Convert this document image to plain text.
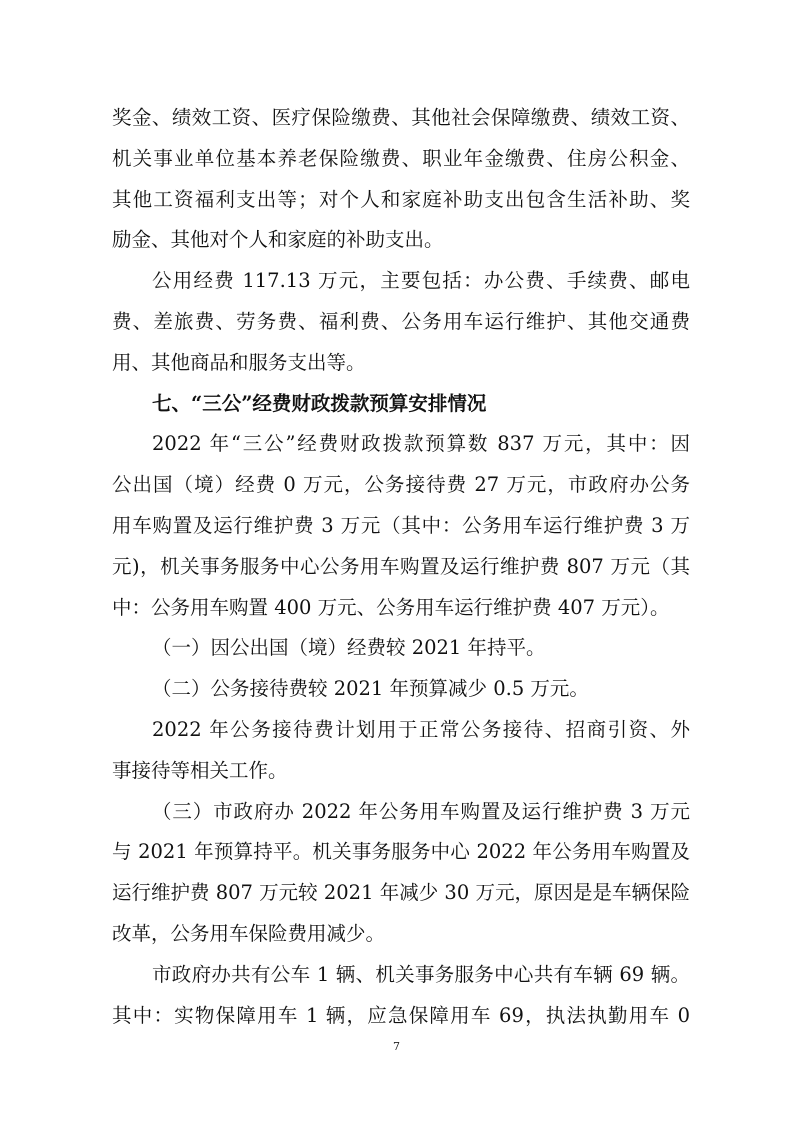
奖金、绩效工资、医疗保险缴费、其他社会保障缴费、绩效工资、
机关事业单位基本养老保险缴费、职业年金缴费、住房公积金、
其他工资福利支出等；对个人和家庭补助支出包含生活补助、奖
励金、其他对个人和家庭的补助支出。
公用经费 117.13 万元，主要包括：办公费、手续费、邮电
费、差旅费、劳务费、福利费、公务用车运行维护、其他交通费
用、其他商品和服务支出等。
七、“三公”经费财政拨款预算安排情况
2022 年“三公”经费财政拨款预算数 837 万元，其中：因
公出国（境）经费 0 万元，公务接待费 27 万元，市政府办公务
用车购置及运行维护费 3 万元（其中：公务用车运行维护费 3 万
元)，机关事务服务中心公务用车购置及运行维护费 807 万元（其
中：公务用车购置 400 万元、公务用车运行维护费 407 万元）。
（一）因公出国（境）经费较 2021 年持平。
（二）公务接待费较 2021 年预算减少 0.5 万元。
2022 年公务接待费计划用于正常公务接待、招商引资、外
事接待等相关工作。
（三）市政府办 2022 年公务用车购置及运行维护费 3 万元
与 2021 年预算持平。机关事务服务中心 2022 年公务用车购置及
运行维护费 807 万元较 2021 年减少 30 万元，原因是是车辆保险
改革，公务用车保险费用减少。
市政府办共有公车 1 辆、机关事务服务中心共有车辆 69 辆。
其中：实物保障用车 1 辆，应急保障用车 69，执法执勤用车 0
7
